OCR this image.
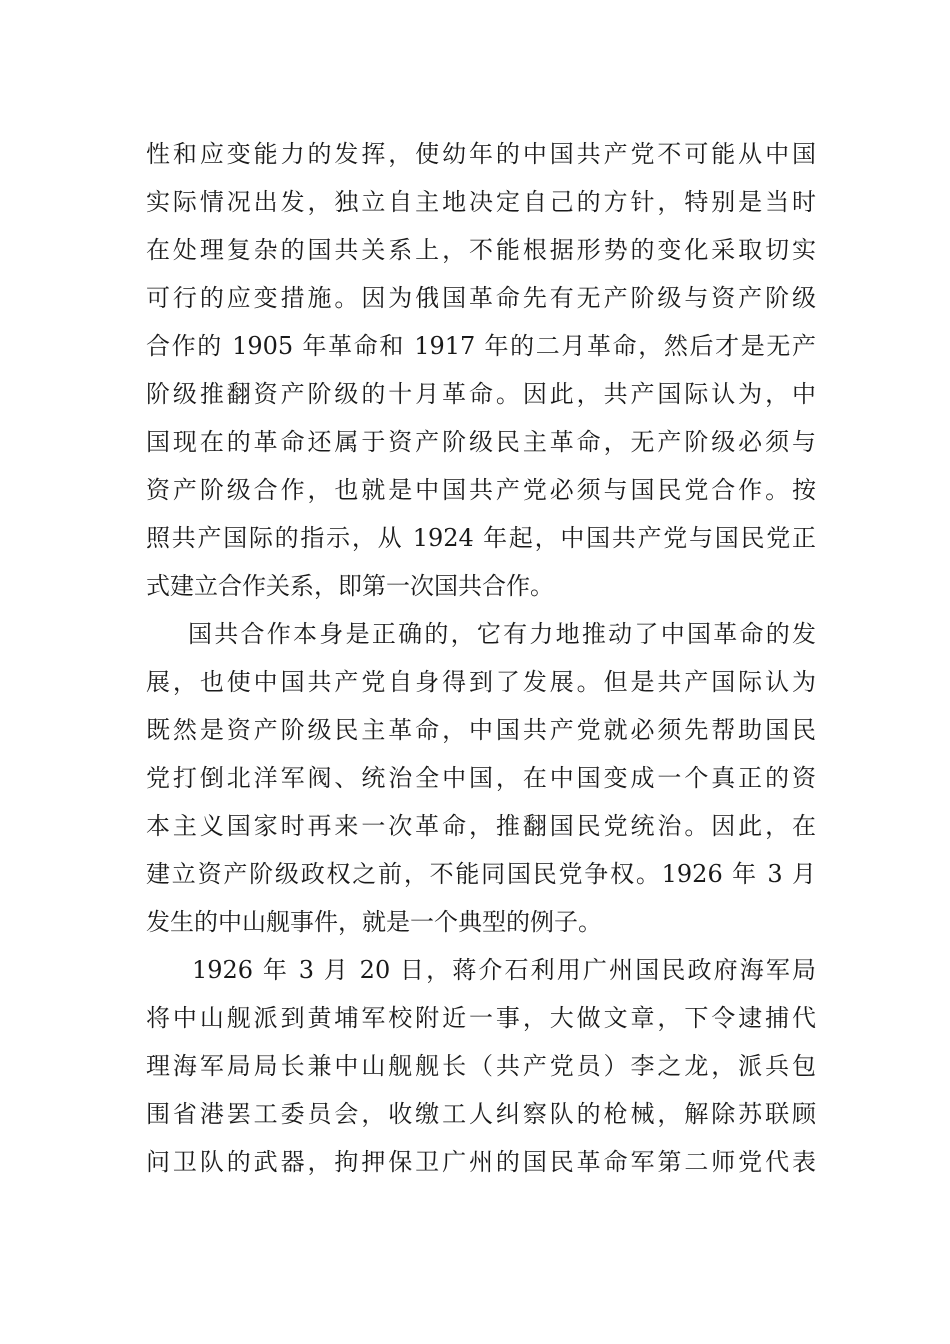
性和应变能力的发挥，使幼年的中国共产党不可能从中国
实际情况出发，独立自主地决定自己的方针，特别是当时
在处理复杂的国共关系上，不能根据形势的变化采取切实
可行的应变措施。因为俄国革命先有无产阶级与资产阶级
合作的 1905 年革命和 1917 年的二月革命，然后才是无产
阶级推翻资产阶级的十月革命。因此，共产国际认为，中
国现在的革命还属于资产阶级民主革命，无产阶级必须与
资产阶级合作，也就是中国共产党必须与国民党合作。按
照共产国际的指示，从 1924 年起，中国共产党与国民党正
式建立合作关系，即第一次国共合作。
国共合作本身是正确的，它有力地推动了中国革命的发
展，也使中国共产党自身得到了发展。但是共产国际认为
既然是资产阶级民主革命，中国共产党就必须先帮助国民
党打倒北洋军阀、统治全中国，在中国变成一个真正的资
本主义国家时再来一次革命，推翻国民党统治。因此，在
建立资产阶级政权之前，不能同国民党争权。1926 年 3 月
发生的中山舰事件，就是一个典型的例子。
1926 年 3 月 20 日，蒋介石利用广州国民政府海军局
将中山舰派到黄埔军校附近一事，大做文章，下令逮捕代
理海军局局长兼中山舰舰长（共产党员）李之龙，派兵包
围省港罢工委员会，收缴工人纠察队的枪械，解除苏联顾
问卫队的武器，拘押保卫广州的国民革命军第二师党代表
